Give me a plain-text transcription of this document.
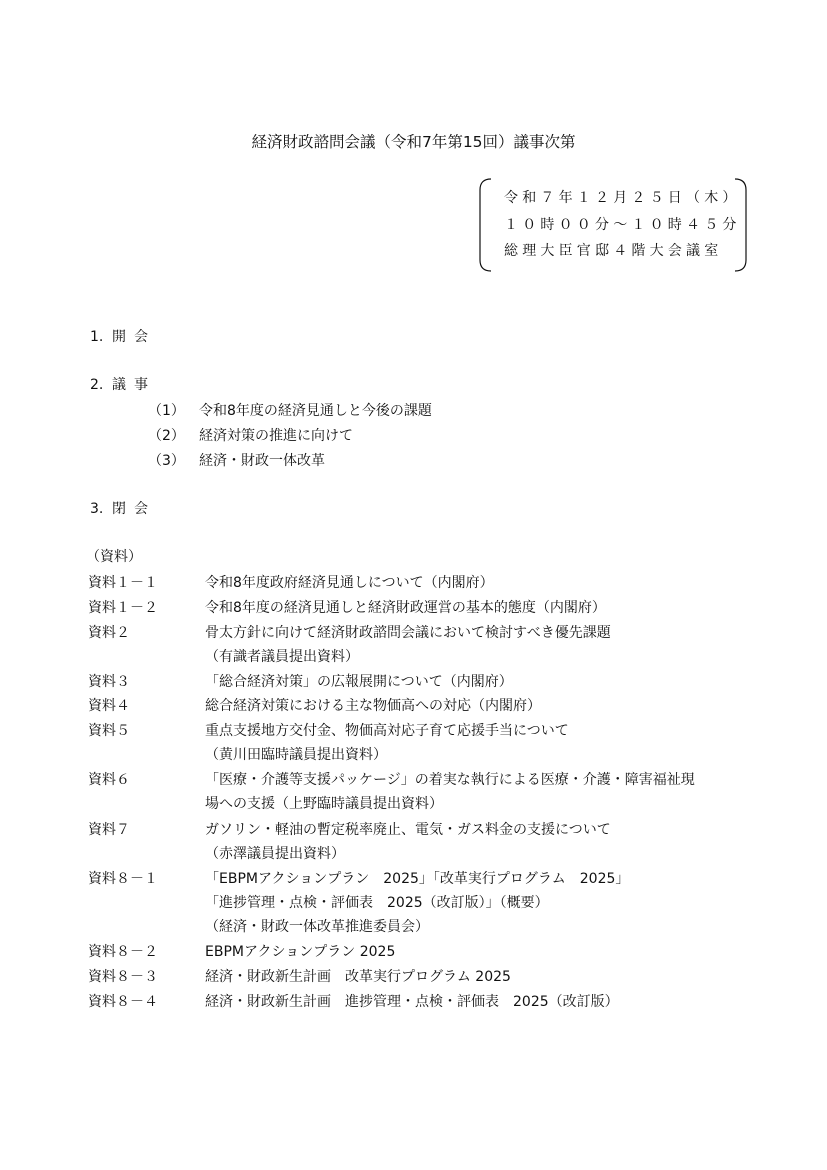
経済財政諮問会議（令和7年第15回）議事次第
令和７年１２月２５日（木）
１０時００分～１０時４５分
総理大臣官邸４階大会議室
1. 開会
2. 議事
（1） 令和8年度の経済見通しと今後の課題
（2） 経済対策の推進に向けて
（3） 経済・財政一体改革
3. 閉会
（資料）
資料１－１	令和8年度政府経済見通しについて（内閣府）
資料１－２	令和8年度の経済見通しと経済財政運営の基本的態度（内閣府）
資料２	骨太方針に向けて経済財政諮問会議において検討すべき優先課題
（有識者議員提出資料）
資料３	「総合経済対策」の広報展開について（内閣府）
資料４	総合経済対策における主な物価高への対応（内閣府）
資料５	重点支援地方交付金、物価高対応子育て応援手当について
（黄川田臨時議員提出資料）
資料６	「医療・介護等支援パッケージ」の着実な執行による医療・介護・障害福祉現
場への支援（上野臨時議員提出資料）
資料７	ガソリン・軽油の暫定税率廃止、電気・ガス料金の支援について
（赤澤議員提出資料）
資料８－１	「EBPMアクションプラン　2025」「改革実行プログラム　2025」
「進捗管理・点検・評価表　2025（改訂版）」（概要）
（経済・財政一体改革推進委員会）
資料８－２	EBPMアクションプラン 2025
資料８－３	経済・財政新生計画　改革実行プログラム 2025
資料８－４	経済・財政新生計画　進捗管理・点検・評価表　2025（改訂版）
